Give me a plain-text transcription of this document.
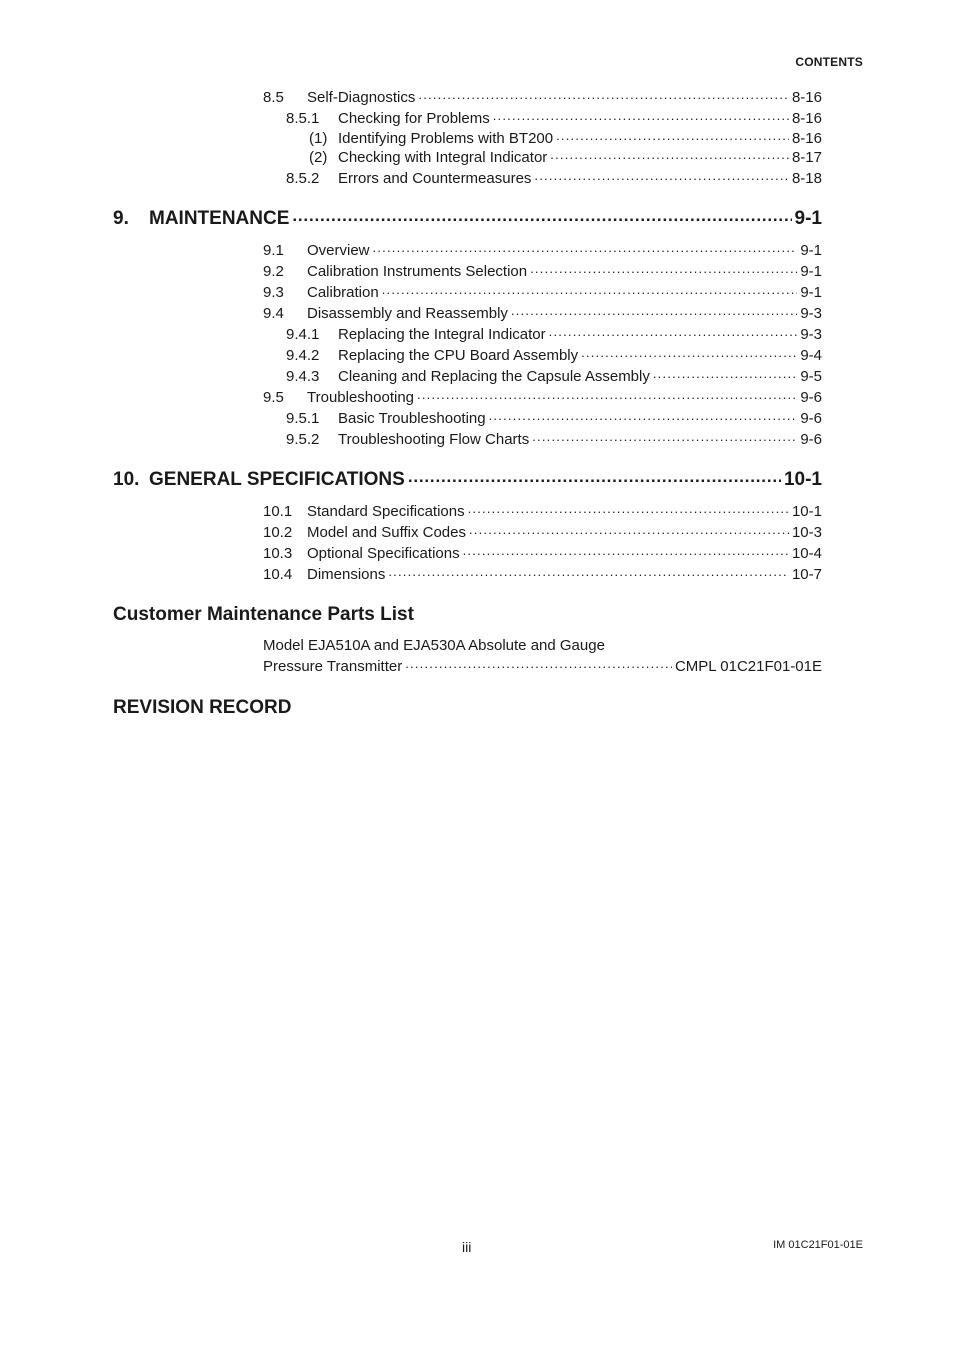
CONTENTS
8.5	Self-Diagnostics .....	8-16
8.5.1	Checking for Problems .....	8-16
(1) Identifying Problems with BT200 .....	8-16
(2) Checking with Integral Indicator .....	8-17
8.5.2	Errors and Countermeasures .....	8-18
9.	MAINTENANCE .....	9-1
9.1	Overview .....	9-1
9.2	Calibration Instruments Selection .....	9-1
9.3	Calibration .....	9-1
9.4	Disassembly and Reassembly .....	9-3
9.4.1	Replacing the Integral Indicator .....	9-3
9.4.2	Replacing the CPU Board Assembly .....	9-4
9.4.3	Cleaning and Replacing the Capsule Assembly .....	9-5
9.5	Troubleshooting .....	9-6
9.5.1	Basic Troubleshooting .....	9-6
9.5.2	Troubleshooting Flow Charts .....	9-6
10. GENERAL SPECIFICATIONS .....	10-1
10.1 Standard Specifications .....	10-1
10.2 Model and Suffix Codes .....	10-3
10.3 Optional Specifications .....	10-4
10.4 Dimensions .....	10-7
Customer Maintenance Parts List
Model EJA510A and EJA530A Absolute and Gauge
Pressure Transmitter .....	CMPL 01C21F01-01E
REVISION RECORD
iii	IM 01C21F01-01E
